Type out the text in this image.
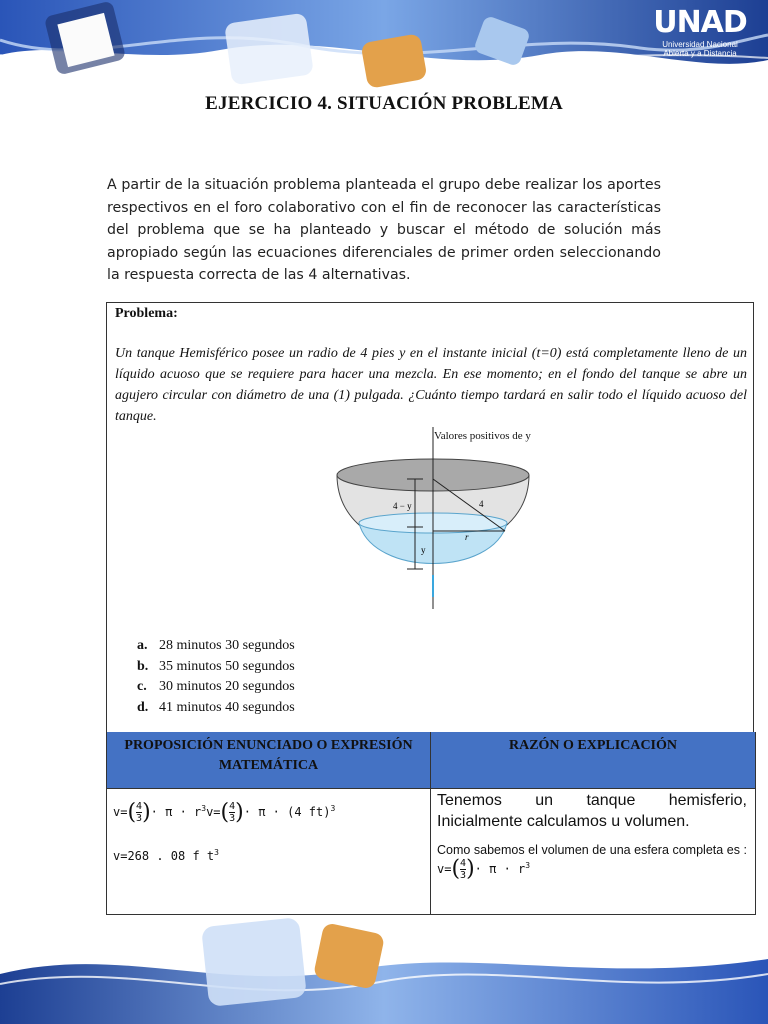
UNAD
Universidad Nacional
Abierta y a Distancia
EJERCICIO 4. SITUACIÓN PROBLEMA

A partir de la situación problema planteada el grupo debe realizar los aportes respectivos en el foro colaborativo con el fin de reconocer las características del problema que se ha planteado y buscar el método de solución más apropiado según las ecuaciones diferenciales de primer orden seleccionando la respuesta correcta de las 4 alternativas.

Problema:
Un tanque Hemisférico posee un radio de 4 pies y en el instante inicial (t=0) está completamente lleno de un líquido acuoso que se requiere para hacer una mezcla. En ese momento; en el fondo del tanque se abre un agujero circular con diámetro de una (1) pulgada. ¿Cuánto tiempo tardará en salir todo el líquido acuoso del tanque.
Valores positivos de y
4 − y	4
r
y
a. 28 minutos 30 segundos
b. 35 minutos 50 segundos
c. 30 minutos 20 segundos
d. 41 minutos 40 segundos
PROPOSICIÓN ENUNCIADO O EXPRESIÓN MATEMÁTICA
RAZÓN O EXPLICACIÓN
$v=( \frac{4}{3}$ )· $\pi \cdot r^3v=( \frac{4}{3}$ )· π · (4 ft)$^3$
v=268 . 08 f $t^3$
Tenemos un tanque hemisferio, Inicialmente calculamos u volumen.
Como sabemos el volumen de una esfera completa es : $v=( \frac{4}{3}$ )· $\pi \cdot r^3$
